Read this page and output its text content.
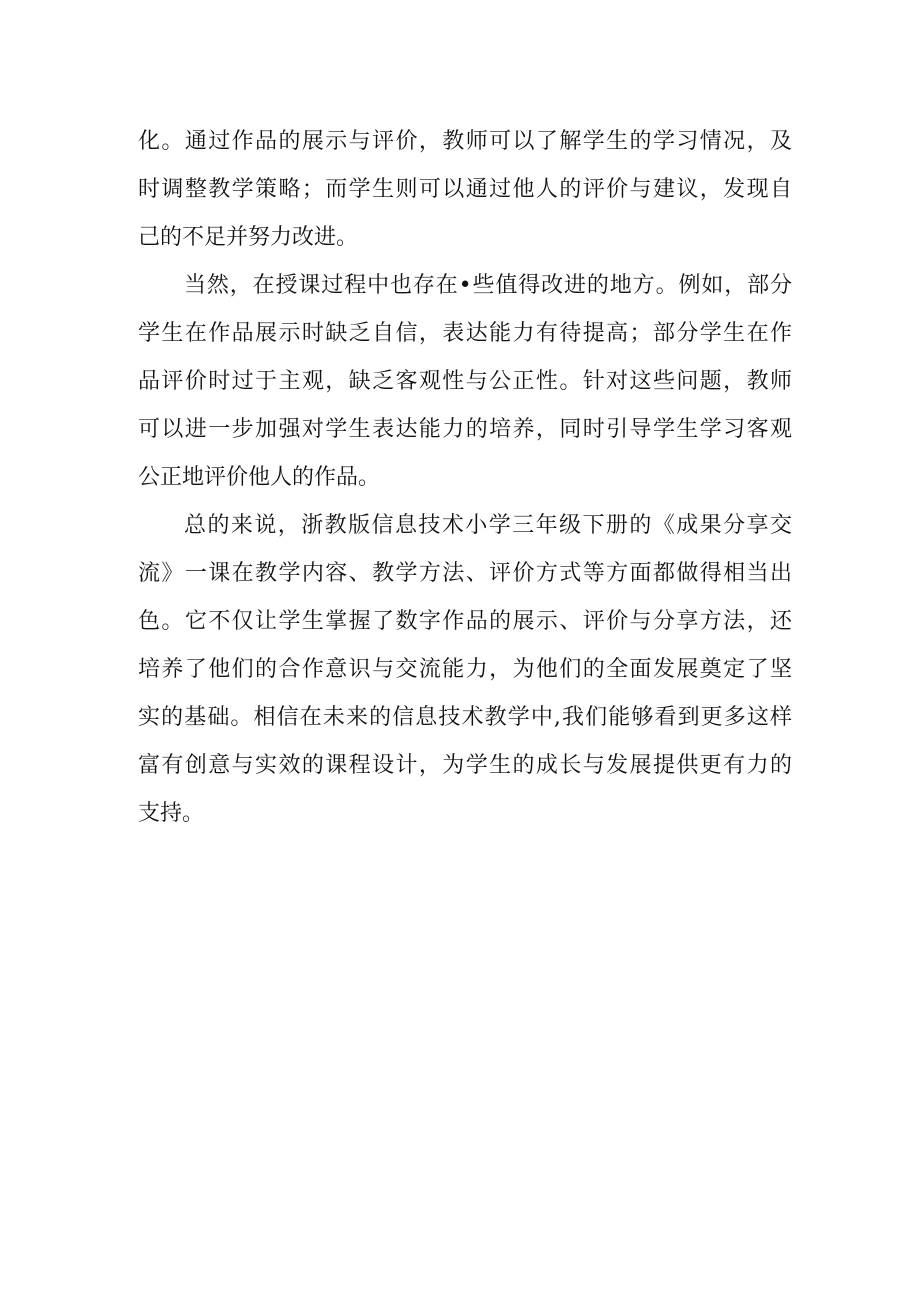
化。通过作品的展示与评价，教师可以了解学生的学习情况，及
时调整教学策略；而学生则可以通过他人的评价与建议，发现自
己的不足并努力改进。
当然，在授课过程中也存在•些值得改进的地方。例如，部分
学生在作品展示时缺乏自信，表达能力有待提高；部分学生在作
品评价时过于主观，缺乏客观性与公正性。针对这些问题，教师
可以进一步加强对学生表达能力的培养，同时引导学生学习客观
公正地评价他人的作品。
总的来说，浙教版信息技术小学三年级下册的《成果分享交
流》一课在教学内容、教学方法、评价方式等方面都做得相当出
色。它不仅让学生掌握了数字作品的展示、评价与分享方法，还
培养了他们的合作意识与交流能力，为他们的全面发展奠定了坚
实的基础。相信在未来的信息技术教学中,我们能够看到更多这样
富有创意与实效的课程设计，为学生的成长与发展提供更有力的
支持。
